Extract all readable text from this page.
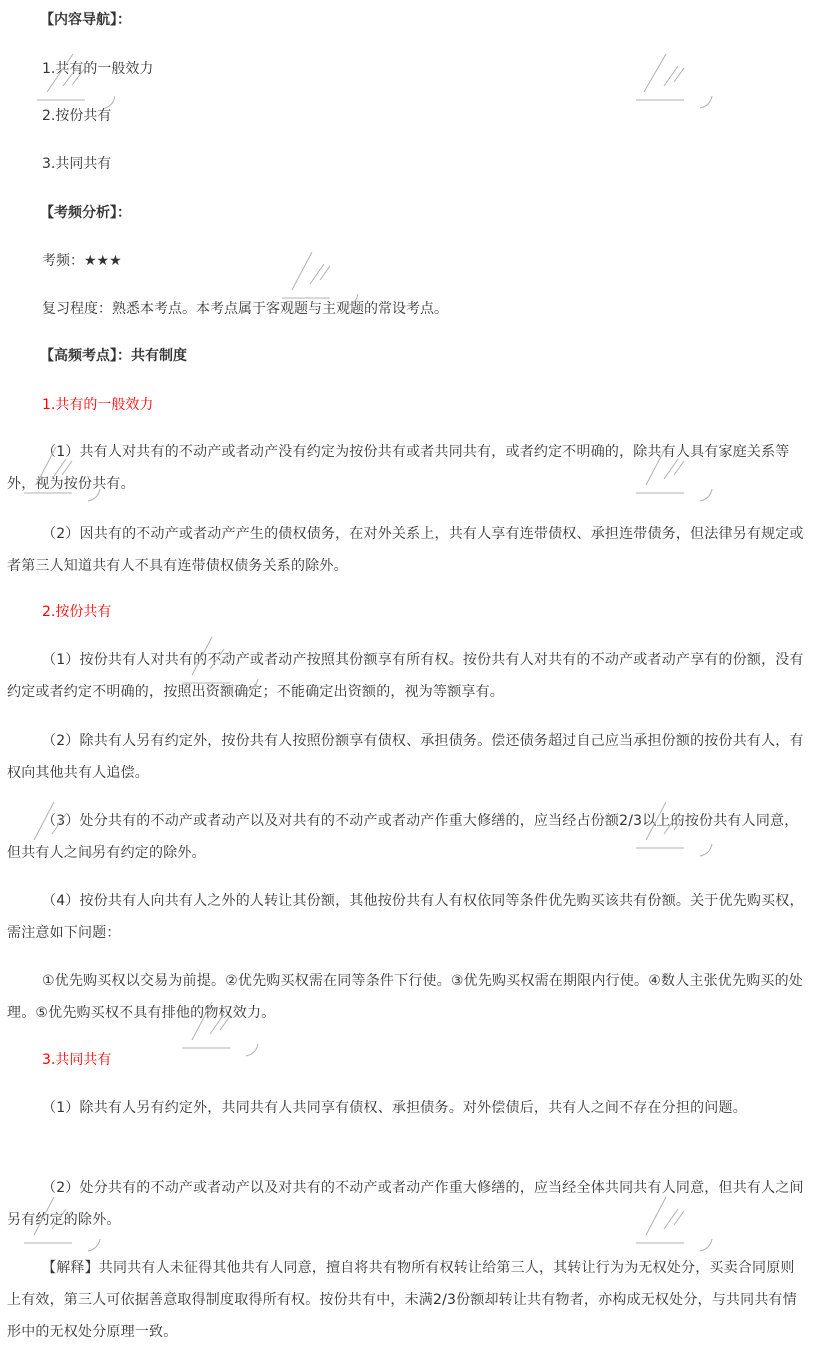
【内容导航】：
1.共有的一般效力
2.按份共有
3.共同共有
【考频分析】：
考频：★★★
复习程度：熟悉本考点。本考点属于客观题与主观题的常设考点。
【高频考点】：共有制度
1.共有的一般效力
（1）共有人对共有的不动产或者动产没有约定为按份共有或者共同共有，或者约定不明确的，除共有人具有家庭关系等外，视为按份共有。
（2）因共有的不动产或者动产产生的债权债务，在对外关系上，共有人享有连带债权、承担连带债务，但法律另有规定或者第三人知道共有人不具有连带债权债务关系的除外。
2.按份共有
（1）按份共有人对共有的不动产或者动产按照其份额享有所有权。按份共有人对共有的不动产或者动产享有的份额，没有约定或者约定不明确的，按照出资额确定；不能确定出资额的，视为等额享有。
（2）除共有人另有约定外，按份共有人按照份额享有债权、承担债务。偿还债务超过自己应当承担份额的按份共有人，有权向其他共有人追偿。
（3）处分共有的不动产或者动产以及对共有的不动产或者动产作重大修缮的，应当经占份额2/3以上的按份共有人同意，但共有人之间另有约定的除外。
（4）按份共有人向共有人之外的人转让其份额，其他按份共有人有权依同等条件优先购买该共有份额。关于优先购买权，需注意如下问题：
①优先购买权以交易为前提。②优先购买权需在同等条件下行使。③优先购买权需在期限内行使。④数人主张优先购买的处理。⑤优先购买权不具有排他的物权效力。
3.共同共有
（1）除共有人另有约定外，共同共有人共同享有债权、承担债务。对外偿债后，共有人之间不存在分担的问题。
（2）处分共有的不动产或者动产以及对共有的不动产或者动产作重大修缮的，应当经全体共同共有人同意，但共有人之间另有约定的除外。
【解释】共同共有人未征得其他共有人同意，擅自将共有物所有权转让给第三人，其转让行为为无权处分，买卖合同原则上有效，第三人可依据善意取得制度取得所有权。按份共有中，未满2/3份额却转让共有物者，亦构成无权处分，与共同共有情形中的无权处分原理一致。
